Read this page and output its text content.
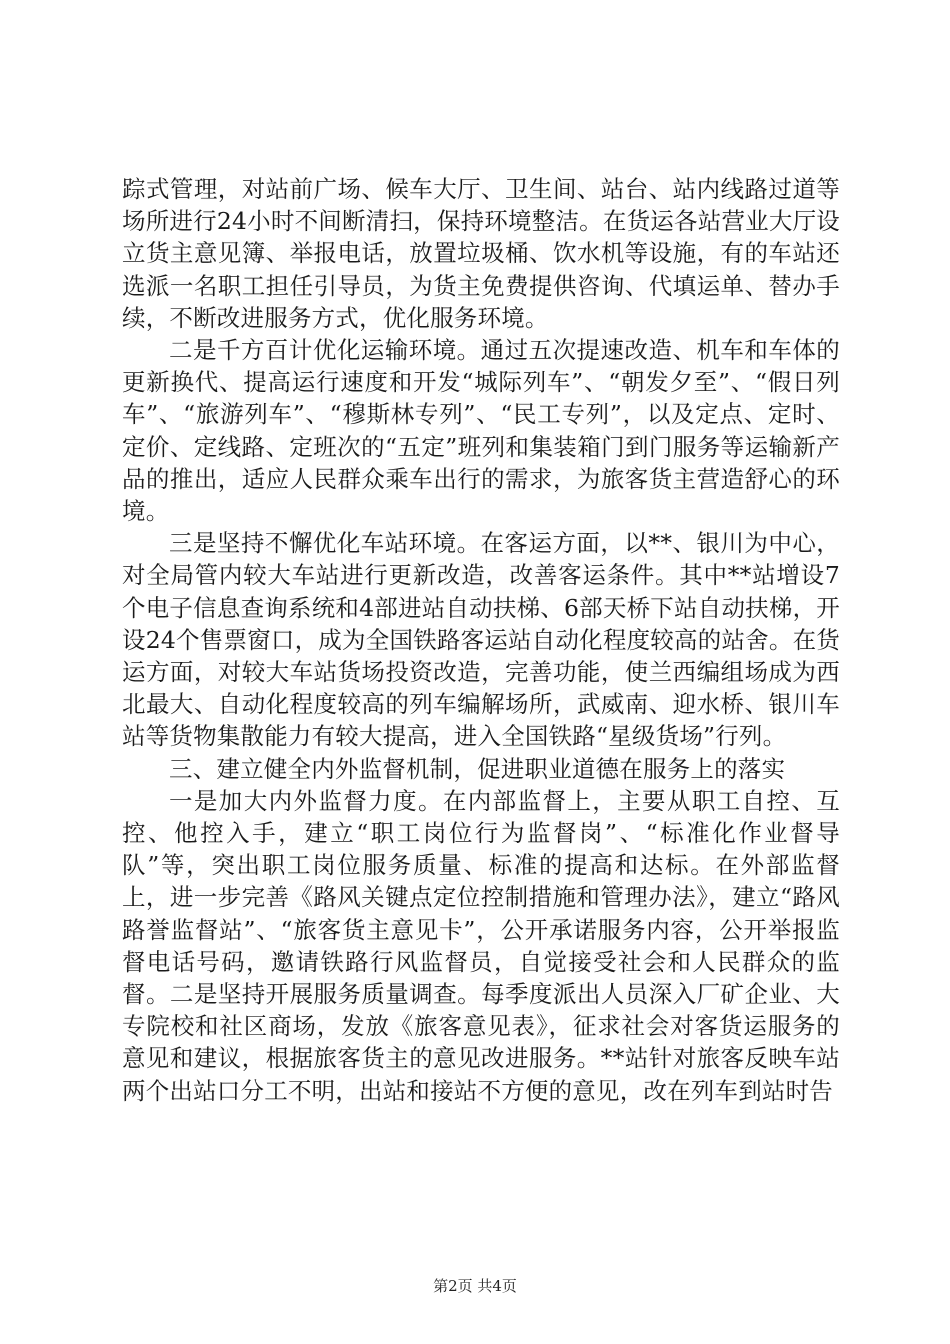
踪式管理，对站前广场、候车大厅、卫生间、站台、站内线路过道等场所进行24小时不间断清扫，保持环境整洁。在货运各站营业大厅设立货主意见簿、举报电话，放置垃圾桶、饮水机等设施，有的车站还选派一名职工担任引导员，为货主免费提供咨询、代填运单、替办手续，不断改进服务方式，优化服务环境。

二是千方百计优化运输环境。通过五次提速改造、机车和车体的更新换代、提高运行速度和开发“城际列车”、“朝发夕至”、“假日列车”、“旅游列车”、“穆斯林专列”、“民工专列”，以及定点、定时、定价、定线路、定班次的“五定”班列和集装箱门到门服务等运输新产品的推出，适应人民群众乘车出行的需求，为旅客货主营造舒心的环境。

三是坚持不懈优化车站环境。在客运方面，以**、银川为中心，对全局管内较大车站进行更新改造，改善客运条件。其中**站增设7个电子信息查询系统和4部进站自动扶梯、6部天桥下站自动扶梯，开设24个售票窗口，成为全国铁路客运站自动化程度较高的站舍。在货运方面，对较大车站货场投资改造，完善功能，使兰西编组场成为西北最大、自动化程度较高的列车编解场所，武威南、迎水桥、银川车站等货物集散能力有较大提高，进入全国铁路“星级货场”行列。

三、建立健全内外监督机制，促进职业道德在服务上的落实

一是加大内外监督力度。在内部监督上，主要从职工自控、互控、他控入手，建立“职工岗位行为监督岗”、“标准化作业督导队”等，突出职工岗位服务质量、标准的提高和达标。在外部监督上，进一步完善《路风关键点定位控制措施和管理办法》，建立“路风路誉监督站”、“旅客货主意见卡”，公开承诺服务内容，公开举报监督电话号码，邀请铁路行风监督员，自觉接受社会和人民群众的监督。二是坚持开展服务质量调查。每季度派出人员深入厂矿企业、大专院校和社区商场，发放《旅客意见表》，征求社会对客货运服务的意见和建议，根据旅客货主的意见改进服务。**站针对旅客反映车站两个出站口分工不明，出站和接站不方便的意见，改在列车到站时告

第2页 共4页
